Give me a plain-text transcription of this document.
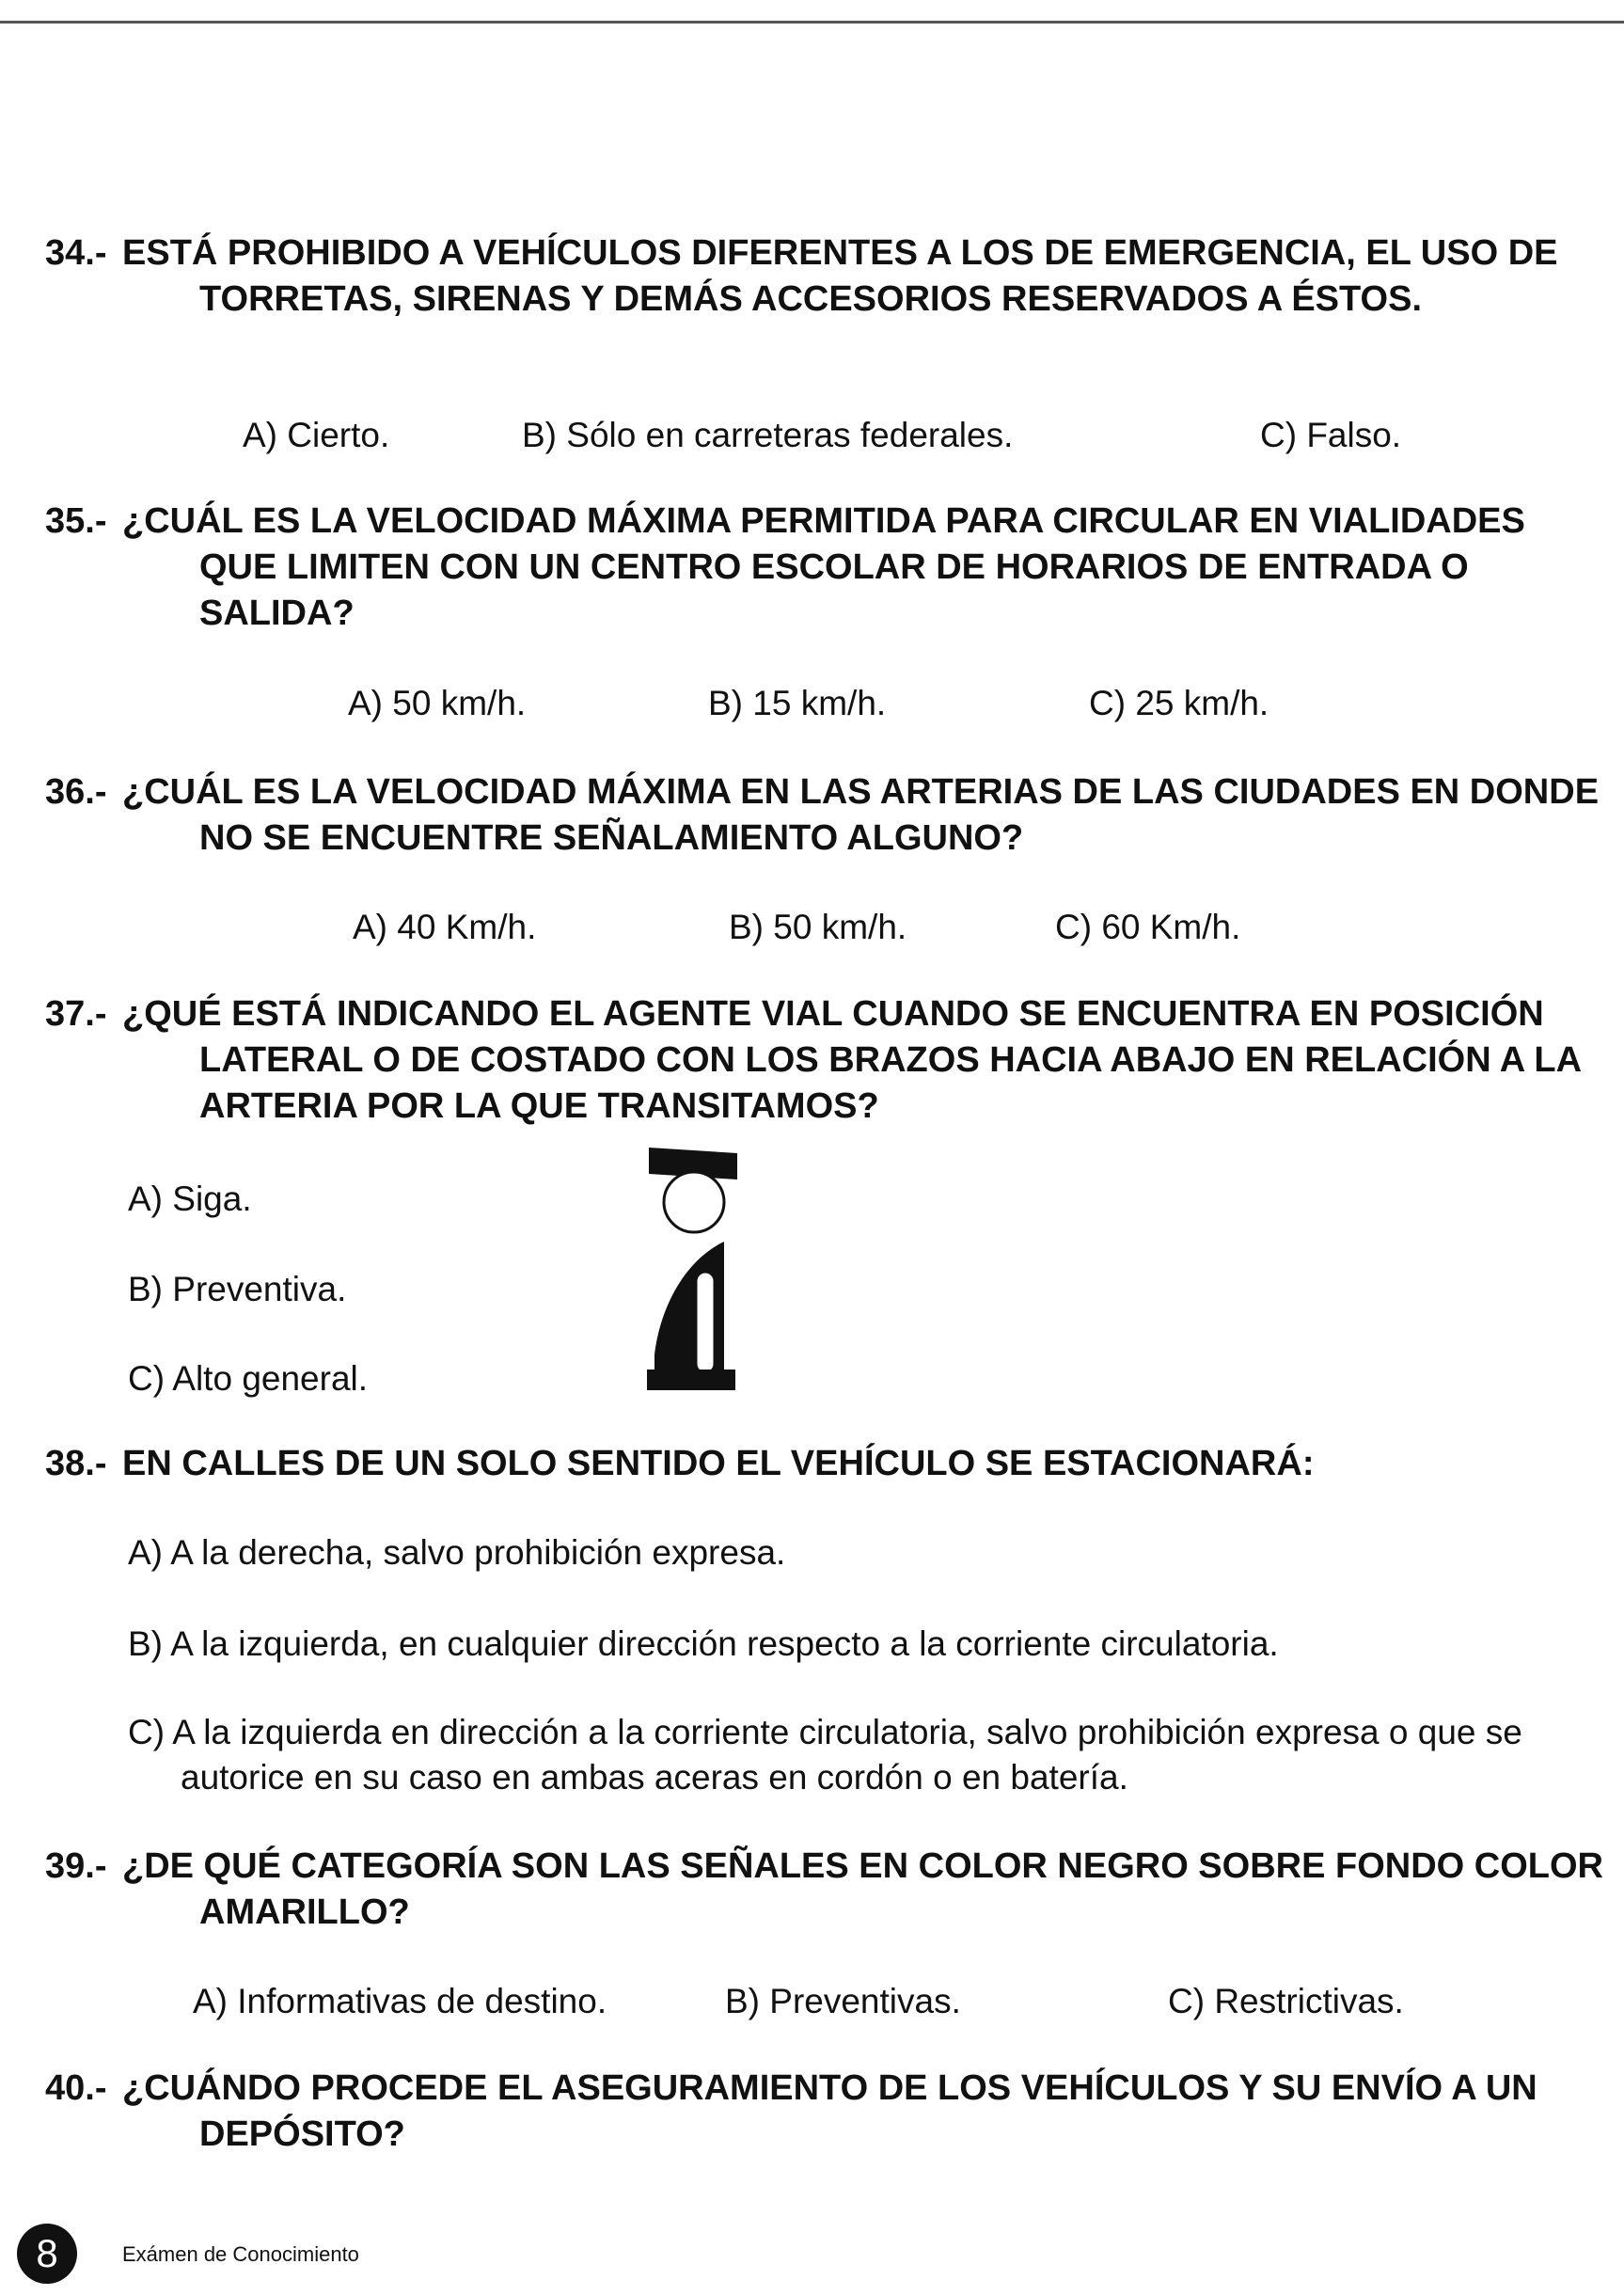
34.- ESTÁ PROHIBIDO A VEHÍCULOS DIFERENTES A LOS DE EMERGENCIA, EL USO DE TORRETAS, SIRENAS Y DEMÁS ACCESORIOS RESERVADOS A ÉSTOS.
A) Cierto.	B) Sólo en carreteras federales.	C) Falso.
35.- ¿CUÁL ES LA VELOCIDAD MÁXIMA PERMITIDA PARA CIRCULAR EN VIALIDADES QUE LIMITEN CON UN CENTRO ESCOLAR DE HORARIOS DE ENTRADA O SALIDA?
A) 50 km/h.	B) 15 km/h.	C) 25 km/h.
36.- ¿CUÁL ES LA VELOCIDAD MÁXIMA EN LAS ARTERIAS DE LAS CIUDADES EN DONDE NO SE ENCUENTRE SEÑALAMIENTO ALGUNO?
A) 40 Km/h.	B) 50 km/h.	C) 60 Km/h.
37.- ¿QUÉ ESTÁ INDICANDO EL AGENTE VIAL CUANDO SE ENCUENTRA EN POSICIÓN LATERAL O DE COSTADO CON LOS BRAZOS HACIA ABAJO EN RELACIÓN A LA ARTERIA POR LA QUE TRANSITAMOS?
A) Siga.
B) Preventiva.
C) Alto general.
38.- EN CALLES DE UN SOLO SENTIDO EL VEHÍCULO SE ESTACIONARÁ:
A) A la derecha, salvo prohibición expresa.
B) A la izquierda, en cualquier dirección respecto a la corriente circulatoria.
C) A la izquierda en dirección a la corriente circulatoria, salvo prohibición expresa o que se autorice en su caso en ambas aceras en cordón o en batería.
39.- ¿DE QUÉ CATEGORÍA SON LAS SEÑALES EN COLOR NEGRO SOBRE FONDO COLOR AMARILLO?
A) Informativas de destino.	B) Preventivas.	C) Restrictivas.
40.- ¿CUÁNDO PROCEDE EL ASEGURAMIENTO DE LOS VEHÍCULOS Y SU ENVÍO A UN DEPÓSITO?
8	Exámen de Conocimiento
